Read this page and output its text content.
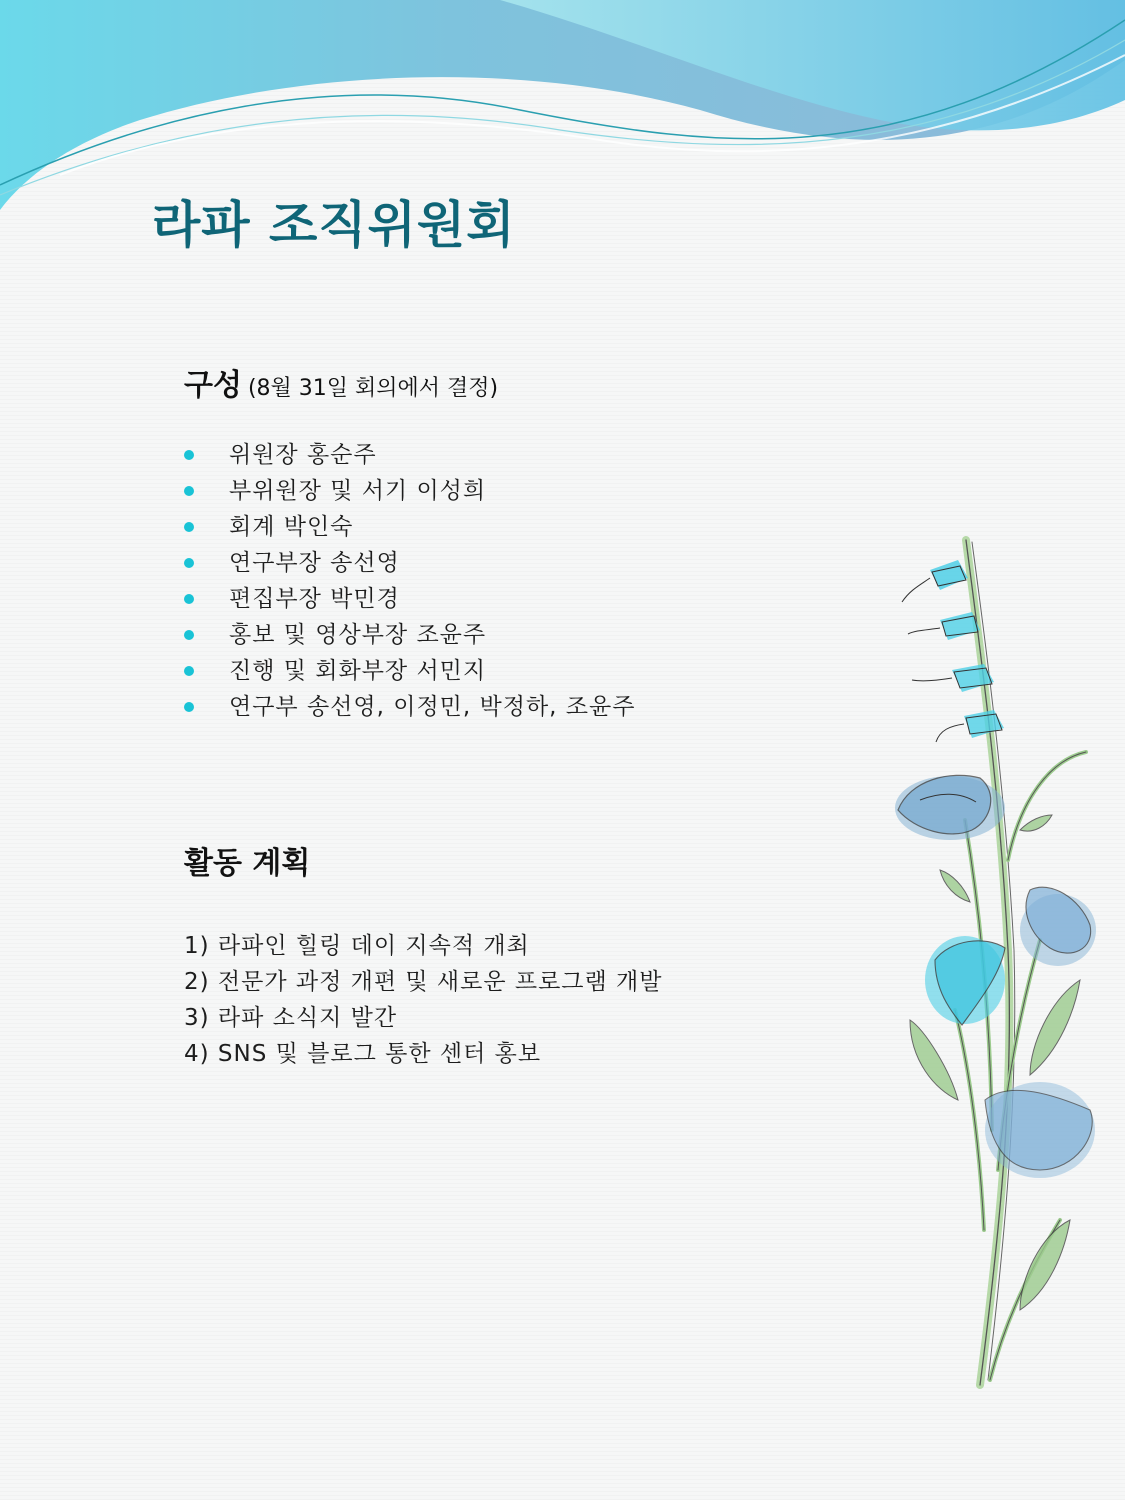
라파 조직위원회
구성 (8월 31일 회의에서 결정)
위원장 홍순주
부위원장 및 서기 이성희
회계 박인숙
연구부장 송선영
편집부장 박민경
홍보 및 영상부장 조윤주
진행 및 회화부장 서민지
연구부 송선영, 이정민, 박정하, 조윤주
활동 계획
1) 라파인 힐링 데이 지속적 개최
2) 전문가 과정 개편 및 새로운 프로그램 개발
3) 라파 소식지 발간
4) SNS 및 블로그 통한 센터 홍보
